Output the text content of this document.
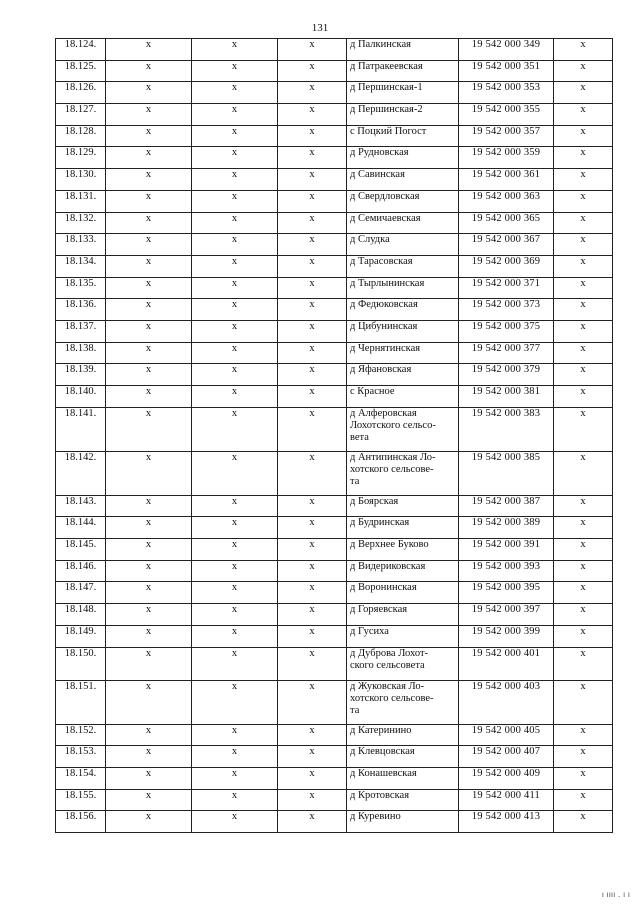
131
18.124.	x	x	x	д Палкинская	19 542 000 349	x
18.125.	x	x	x	д Патракеевская	19 542 000 351	x
18.126.	x	x	x	д Першинская-1	19 542 000 353	x
18.127.	x	x	x	д Першинская-2	19 542 000 355	x
18.128.	x	x	x	с Поцкий Погост	19 542 000 357	x
18.129.	x	x	x	д Рудновская	19 542 000 359	x
18.130.	x	x	x	д Савинская	19 542 000 361	x
18.131.	x	x	x	д Свердловская	19 542 000 363	x
18.132.	x	x	x	д Семичаевская	19 542 000 365	x
18.133.	x	x	x	д Слудка	19 542 000 367	x
18.134.	x	x	x	д Тарасовская	19 542 000 369	x
18.135.	x	x	x	д Тырлынинская	19 542 000 371	x
18.136.	x	x	x	д Федюковская	19 542 000 373	x
18.137.	x	x	x	д Цибунинская	19 542 000 375	x
18.138.	x	x	x	д Чернятинская	19 542 000 377	x
18.139.	x	x	x	д Яфановская	19 542 000 379	x
18.140.	x	x	x	с Красное	19 542 000 381	x
18.141.	x	x	x	д Алферовская
Лохотского сельсо-
вета	19 542 000 383	x
18.142.	x	x	x	д Антипинская Ло-
хотского сельсове-
та	19 542 000 385	x
18.143.	x	x	x	д Боярская	19 542 000 387	x
18.144.	x	x	x	д Будринская	19 542 000 389	x
18.145.	x	x	x	д Верхнее Буково	19 542 000 391	x
18.146.	x	x	x	д Видериковская	19 542 000 393	x
18.147.	x	x	x	д Воронинская	19 542 000 395	x
18.148.	x	x	x	д Горяевская	19 542 000 397	x
18.149.	x	x	x	д Гусиха	19 542 000 399	x
18.150.	x	x	x	д Дуброва Лохот-
ского сельсовета	19 542 000 401	x
18.151.	x	x	x	д Жуковская Ло-
хотского сельсове-
та	19 542 000 403	x
18.152.	x	x	x	д Катеринино	19 542 000 405	x
18.153.	x	x	x	д Клевцовская	19 542 000 407	x
18.154.	x	x	x	д Конашевская	19 542 000 409	x
18.155.	x	x	x	д Кротовская	19 542 000 411	x
18.156.	x	x	x	д Куревино	19 542 000 413	x
ı ıııı . ı ı
